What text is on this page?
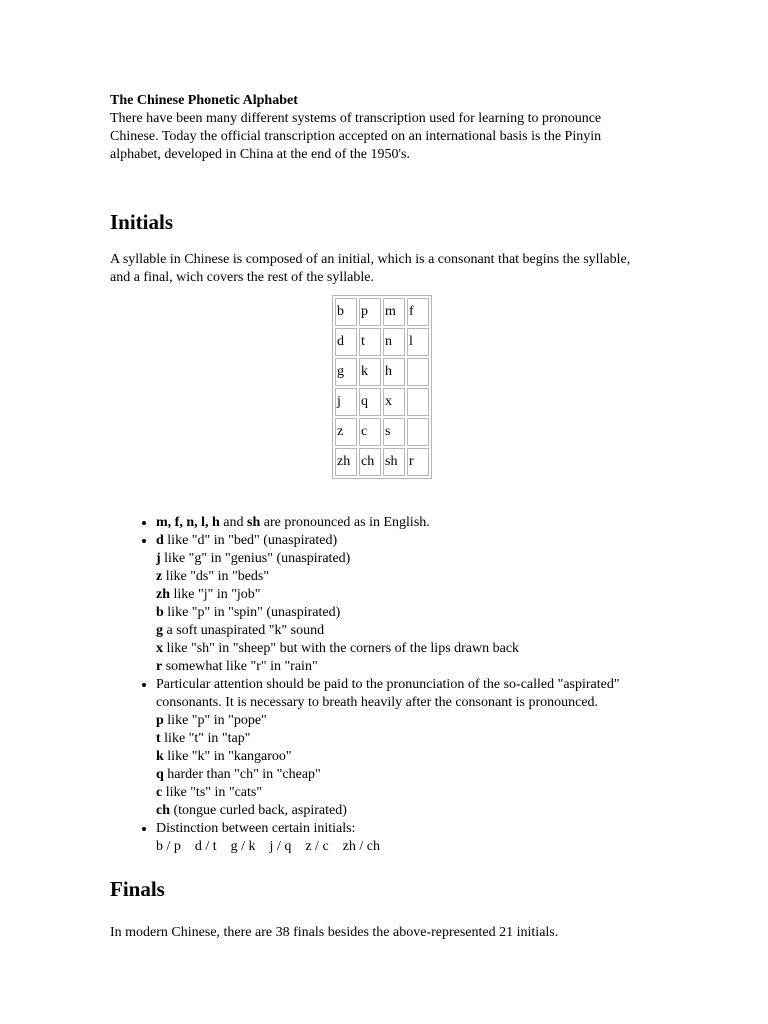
The Chinese Phonetic Alphabet

There have been many different systems of transcription used for learning to pronounce Chinese. Today the official transcription accepted on an international basis is the Pinyin alphabet, developed in China at the end of the 1950's.

Initials

A syllable in Chinese is composed of an initial, which is a consonant that begins the syllable, and a final, wich covers the rest of the syllable.

b	p	m	f
d	t	n	l
g	k	h	
j	q	x	
z	c	s	
zh	ch	sh	r
• m, f, n, l, h and sh are pronounced as in English.
• d like "d" in "bed" (unaspirated)
j like "g" in "genius" (unaspirated)
z like "ds" in "beds"
zh like "j" in "job"
b like "p" in "spin" (unaspirated)
g a soft unaspirated "k" sound
x like "sh" in "sheep" but with the corners of the lips drawn back
r somewhat like "r" in "rain"
• Particular attention should be paid to the pronunciation of the so-called "aspirated" consonants. It is necessary to breath heavily after the consonant is pronounced.
p like "p" in "pope"
t like "t" in "tap"
k like "k" in "kangaroo"
q harder than "ch" in "cheap"
c like "ts" in "cats"
ch (tongue curled back, aspirated)
• Distinction between certain initials:
b / p    d / t    g / k    j / q    z / c    zh / ch
Finals

In modern Chinese, there are 38 finals besides the above-represented 21 initials.
